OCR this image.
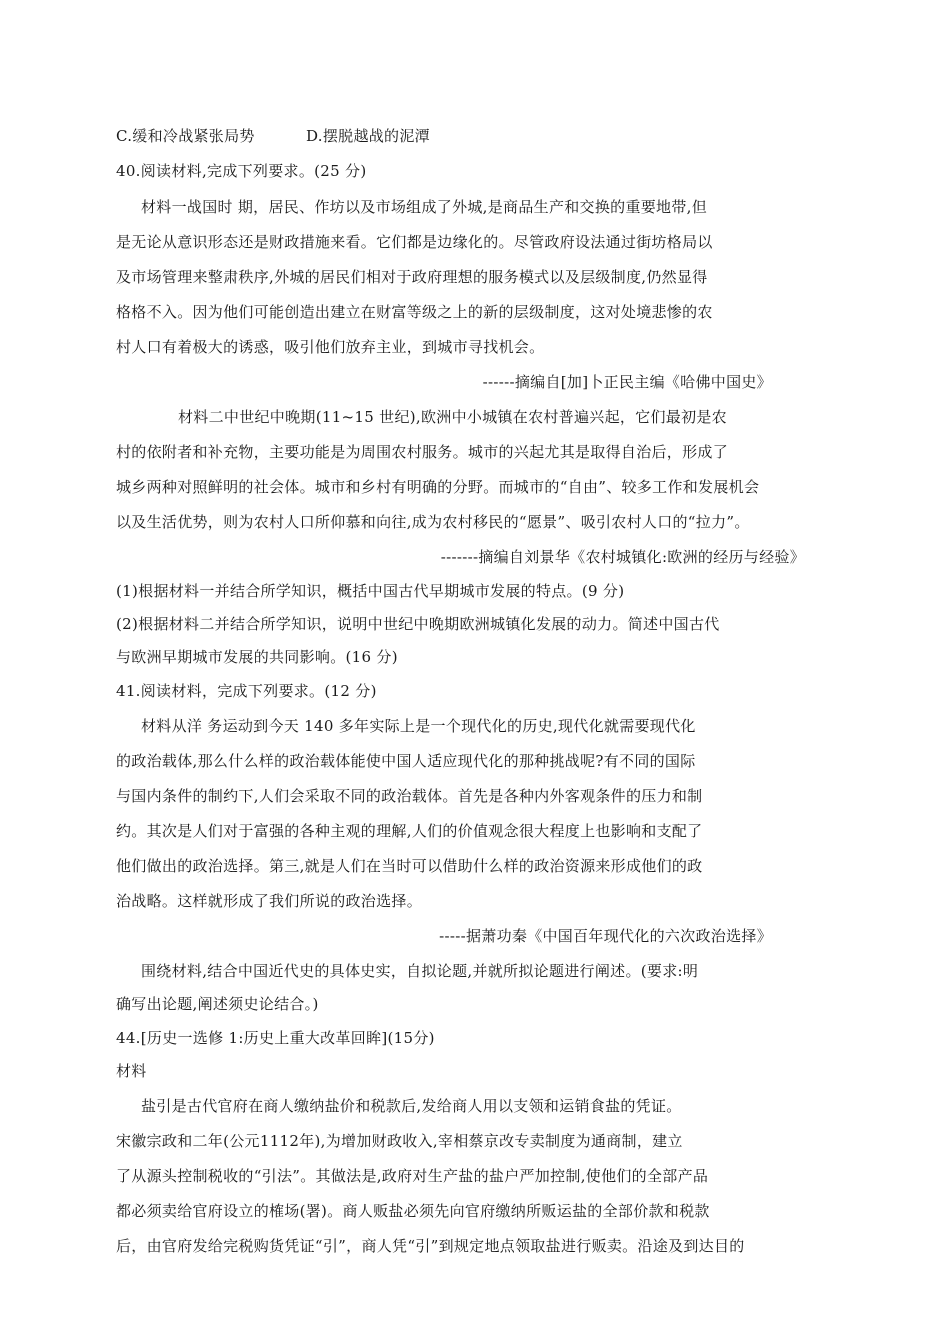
C.缓和冷战紧张局势	D.摆脱越战的泥潭
40.阅读材料,完成下列要求。(25 分)
材料一战国时 期，居民、作坊以及市场组成了外城,是商品生产和交换的重要地带,但
是无论从意识形态还是财政措施来看。它们都是边缘化的。尽管政府设法通过街坊格局以
及市场管理来整肃秩序,外城的居民们相对于政府理想的服务模式以及层级制度,仍然显得
格格不入。因为他们可能创造出建立在财富等级之上的新的层级制度，这对处境悲惨的农
村人口有着极大的诱惑，吸引他们放弃主业，到城市寻找机会。
------摘编自[加]卜正民主编《哈佛中国史》
材料二中世纪中晚期(11~15 世纪),欧洲中小城镇在农村普遍兴起，它们最初是农
村的依附者和补充物，主要功能是为周围农村服务。城市的兴起尤其是取得自治后，形成了
城乡两种对照鲜明的社会体。城市和乡村有明确的分野。而城市的“自由”、较多工作和发展机会
以及生活优势，则为农村人口所仰慕和向往,成为农村移民的“愿景”、吸引农村人口的“拉力”。
-------摘编自刘景华《农村城镇化:欧洲的经历与经验》
(1)根据材料一并结合所学知识，概括中国古代早期城市发展的特点。(9 分)
(2)根据材料二并结合所学知识，说明中世纪中晚期欧洲城镇化发展的动力。简述中国古代
与欧洲早期城市发展的共同影响。(16 分)
41.阅读材料，完成下列要求。(12 分)
材料从洋 务运动到今天 140 多年实际上是一个现代化的历史,现代化就需要现代化
的政治载体,那么什么样的政治载体能使中国人适应现代化的那种挑战呢?有不同的国际
与国内条件的制约下,人们会采取不同的政治载体。首先是各种内外客观条件的压力和制
约。其次是人们对于富强的各种主观的理解,人们的价值观念很大程度上也影响和支配了
他们做出的政治选择。第三,就是人们在当时可以借助什么样的政治资源来形成他们的政
治战略。这样就形成了我们所说的政治选择。
-----据萧功秦《中国百年现代化的六次政治选择》
围绕材料,结合中国近代史的具体史实，自拟论题,并就所拟论题进行阐述。(要求:明
确写出论题,阐述须史论结合。)
44.[历史一选修 1:历史上重大改革回眸](15分)
材料
盐引是古代官府在商人缴纳盐价和税款后,发给商人用以支领和运销食盐的凭证。
宋徽宗政和二年(公元1112年),为增加财政收入,宰相蔡京改专卖制度为通商制，建立
了从源头控制税收的“引法”。其做法是,政府对生产盐的盐户严加控制,使他们的全部产品
都必须卖给官府设立的榷场(署)。商人贩盐必须先向官府缴纳所贩运盐的全部价款和税款
后，由官府发给完税购货凭证“引”，商人凭“引”到规定地点领取盐进行贩卖。沿途及到达目的
